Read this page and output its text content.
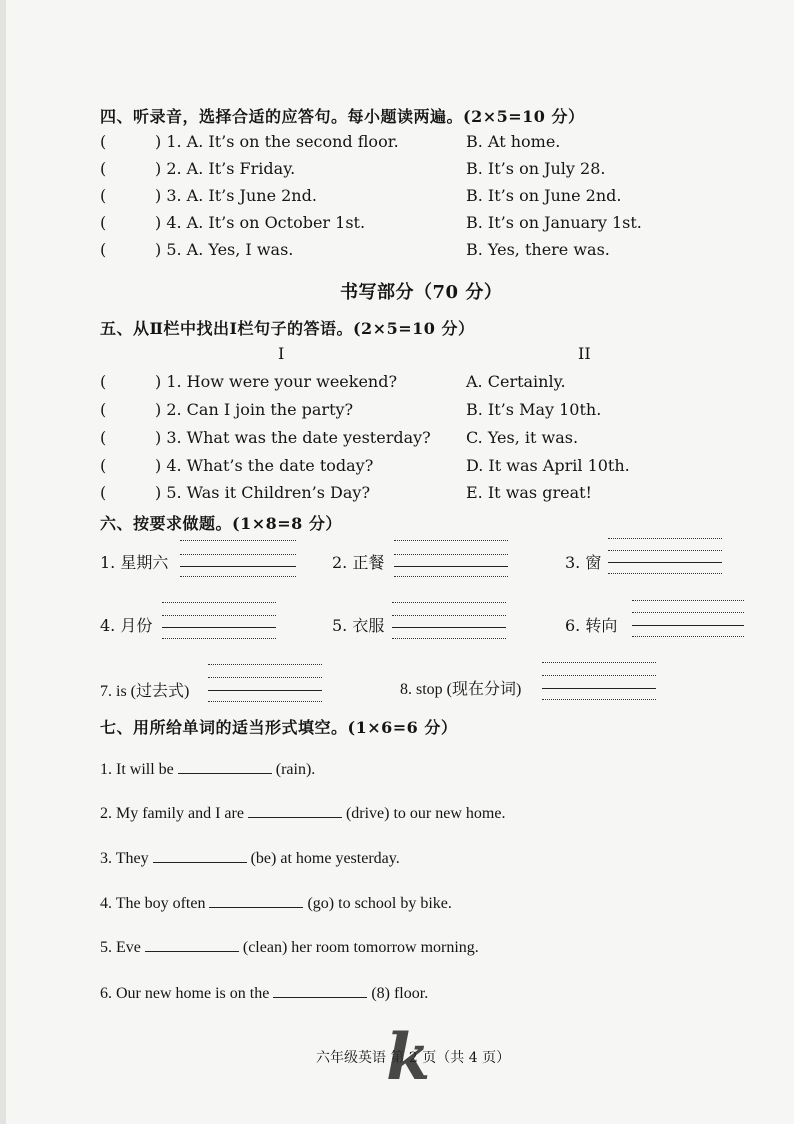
四、听录音，选择合适的应答句。每小题读两遍。(2×5=10 分）
(	) 1. A. It’s on the second floor.	B. At home.
(	) 2. A. It’s Friday.	B. It’s on July 28.
(	) 3. A. It’s June 2nd.	B. It’s on June 2nd.
(	) 4. A. It’s on October 1st.	B. It’s on January 1st.
(	) 5. A. Yes, I was.	B. Yes, there was.
书写部分（70 分）
五、从Ⅱ栏中找出Ⅰ栏句子的答语。(2×5=10 分）
I	II
(	) 1. How were your weekend?	A. Certainly.
(	) 2. Can I join the party?	B. It’s May 10th.
(	) 3. What was the date yesterday? C. Yes, it was.
(	) 4. What’s the date today?	D. It was April 10th.
(	) 5. Was it Children’s Day?	E. It was great!
六、按要求做题。(1×8=8 分）
1. 星期六	2. 正餐	3. 窗
4. 月份	5. 衣服	6. 转向
7. is (过去式)	8. stop (现在分词)
七、用所给单词的适当形式填空。(1×6=6 分）
1. It will be	(rain).
2. My family and I are	(drive) to our new home.
3. They	(be) at home yesterday.
4. The boy often	(go) to school by bike.
5. Eve	(clean) her room tomorrow morning.
6. Our new home is on the	(8) floor.
六年级英语 第 2 页（共 4 页）
k
